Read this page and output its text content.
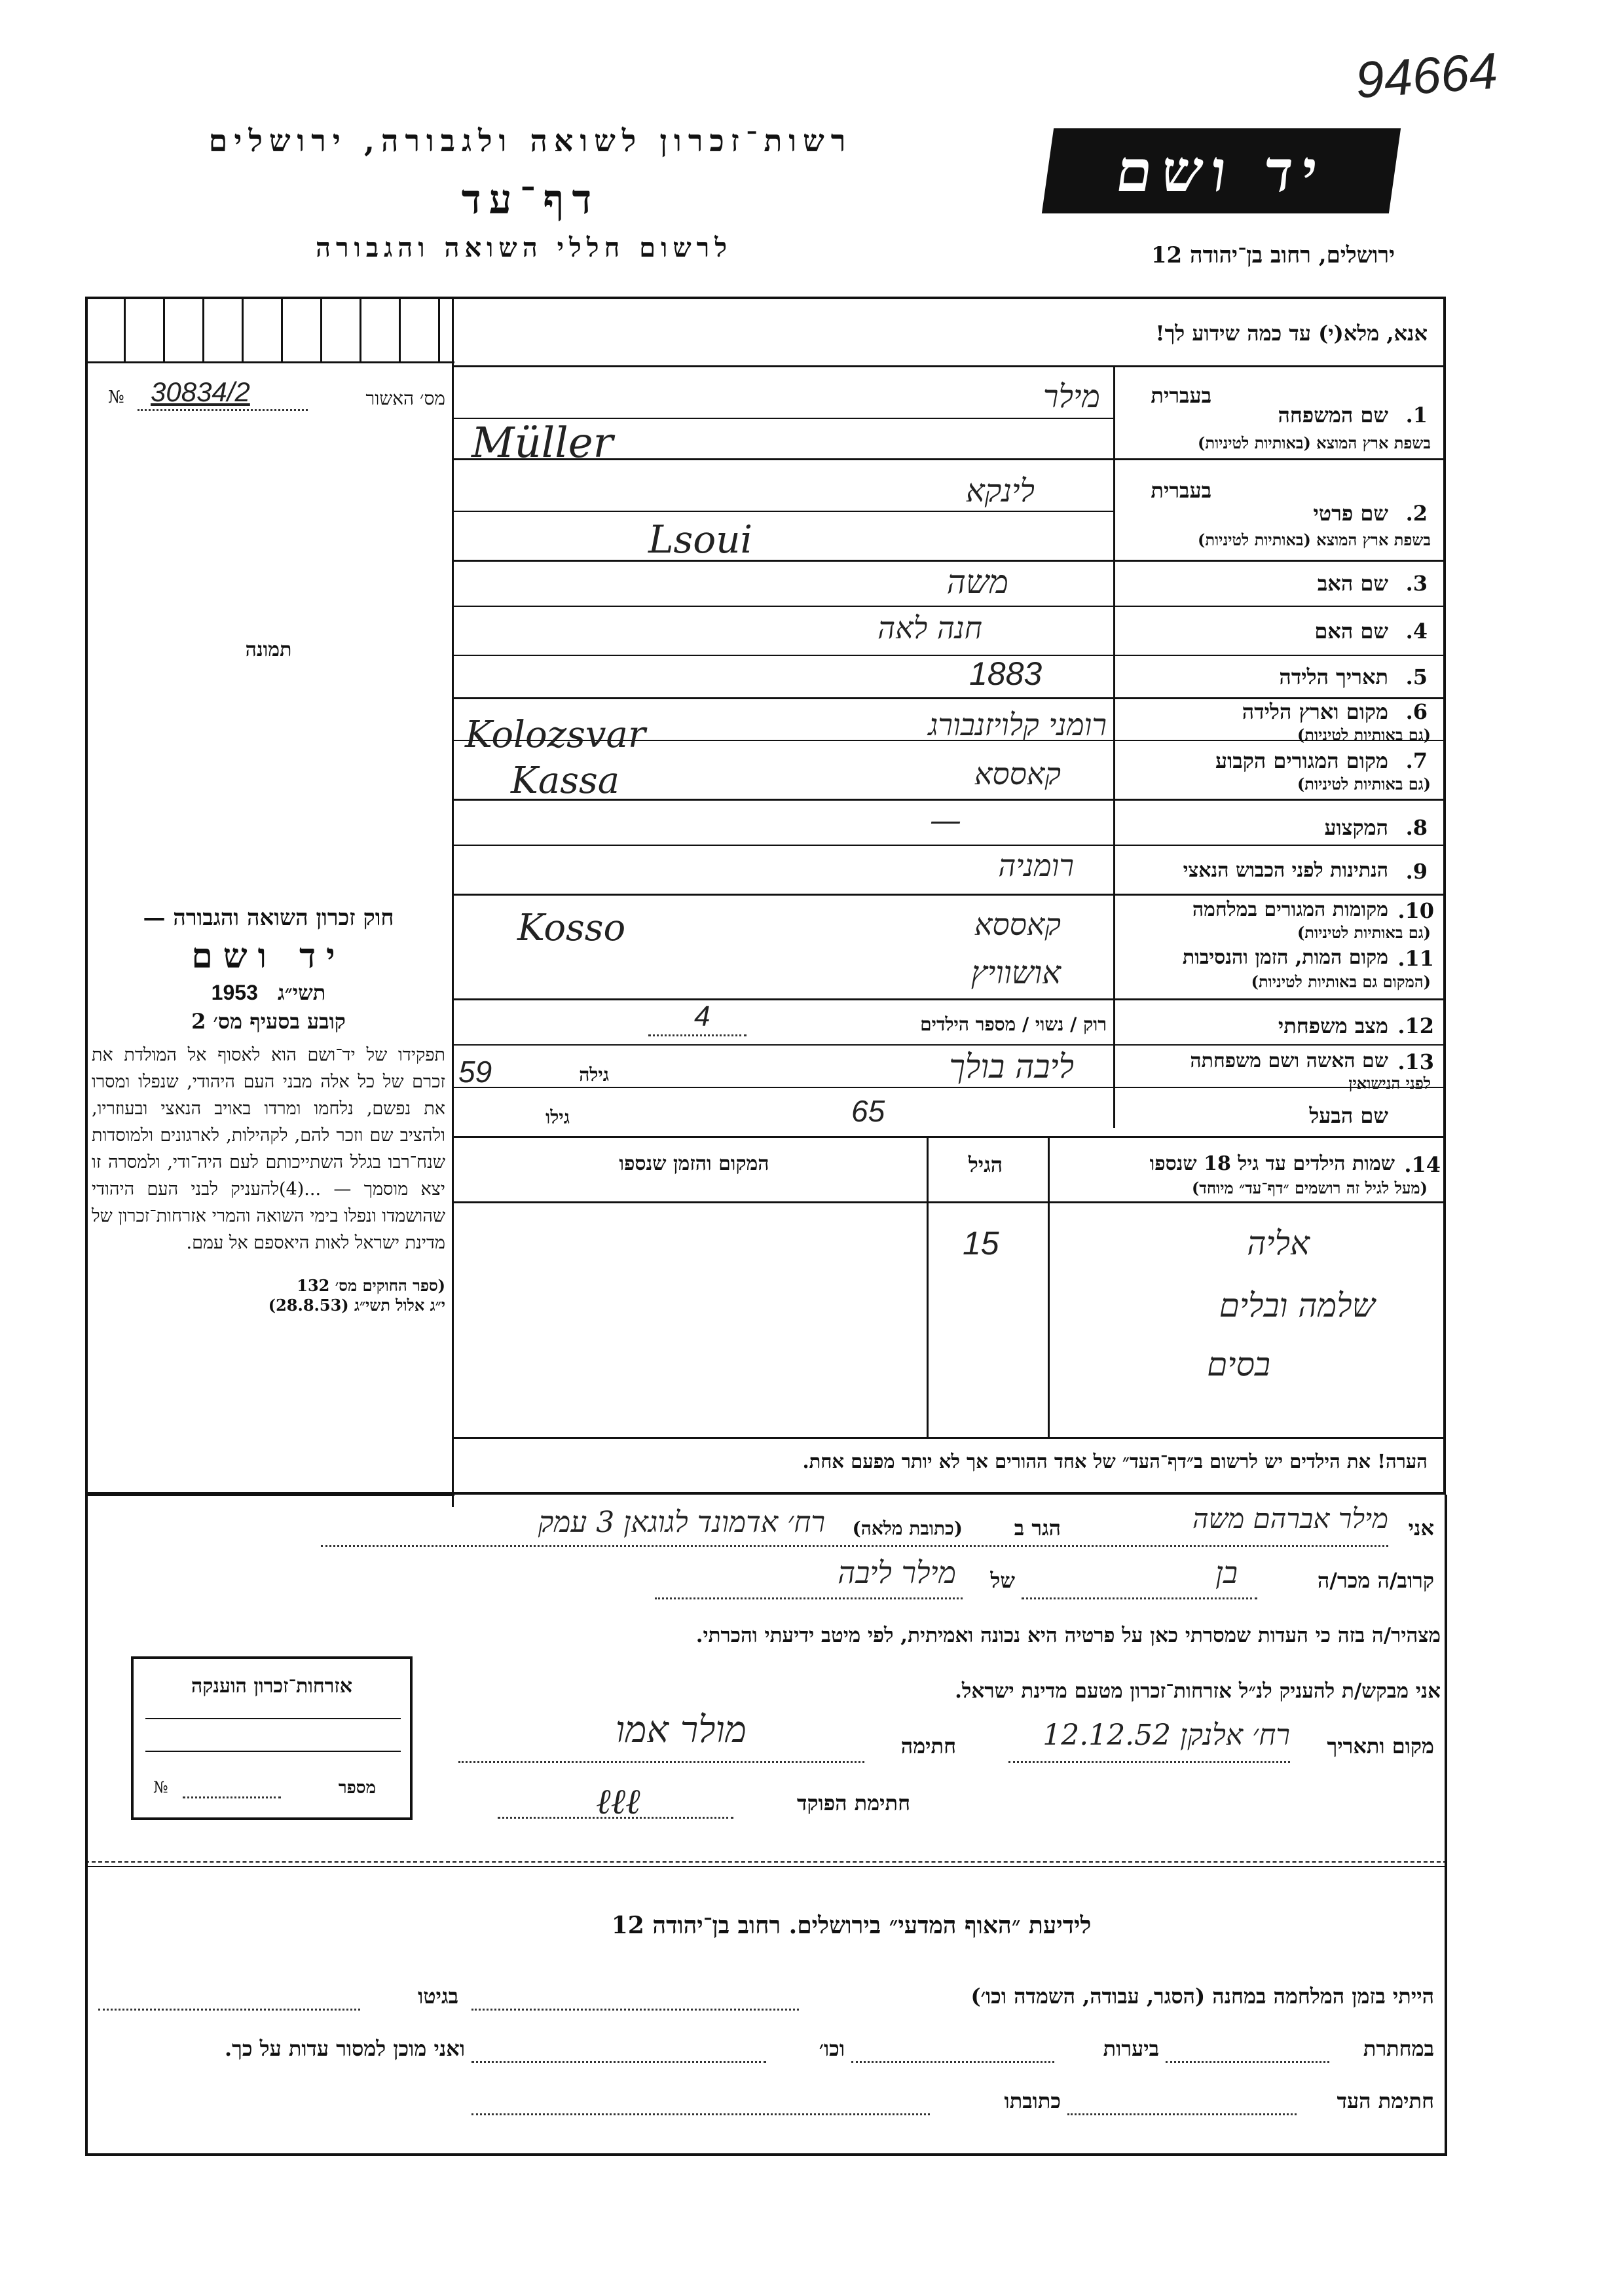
94664
רשות־זכרון לשואה ולגבורה, ירושלים
דף־עד
לרשום חללי השואה והגבורה
יד ושם
ירושלים, רחוב בן־יהודה 12
אנא, מלא(י) עד כמה שידוע לך!
מס׳ האשור
№ 30834/2
תמונה
חוק זכרון השואה והגבורה —
יד ושם
תשי״ג 1953
קובע בסעיף מס׳ 2
תפקידו של יד־ושם הוא לאסוף אל המולדת את זכרם של כל אלה מבני העם היהודי, שנפלו ומסרו את נפשם, נלחמו ומרדו באויב הנאצי ובעוזריו, ולהציב שם וזכר להם, לקהילות, לארגונים ולמוסדות שנח־רבו בגלל השתייכותם לעם היה־ודי, ולמסרה זו יצא מוסמך — ...(4)להעניק לבני העם היהודי שהושמדו ונפלו בימי השואה והמרי אזרחות־זכרון של מדינת ישראל לאות היאספם אל עמם.
(ספר החוקים מס׳ 132
י״ג אלול תשי״ג (28.8.53)
בעברית
1.
שם המשפחה
בשפת ארץ המוצא (באותיות לטיניות)
מילר
Müller
בעברית
2.
שם פרטי
בשפת ארץ המוצא (באותיות לטיניות)
לינקא
Lsoui
3.
שם האב
משה
4.
שם האם
חנה לאה
5.
תאריך הלידה
1883
6.
מקום וארץ הלידה
(גם באותיות לטיניות)
רומני קלויזנבורג
Kolozsvar
7.
מקום המגורים הקבוע
(גם באותיות לטיניות)
קאססא
Kassa
8.
המקצוע
—
9.
הנתינות לפני הכבוש הנאצי
רומניה
10.
מקומות המגורים במלחמה
(גם באותיות לטיניות)
קאססא
Kosso
11.
מקום המות, הזמן והנסיבות
(המקום גם באותיות לטיניות)
אושוויץ
12.
מצב משפחתי
רוק / נשוי / מספר הילדים
4
13.
שם האשה ושם משפחתה
לפני הנישואין
ליבה בולך
גילה
59
שם הבעל
גילו	65
14.
שמות הילדים עד גיל 18 שנספו
(מעל לגיל זה רושמים ״דף־עד״ מיוחד)
הגיל
המקום והזמן שנספו
אליה
15
שלמה ובלים
בסים
הערה! את הילדים יש לרשום ב״דף־העד״ של אחד ההורים אך לא יותר מפעם אחת.
אני
מילר אברהם משה
הגר ב
(כתובת מלאה)
רח׳ אדמונד לגוגאן 3 עמק
קרוב/ה מכר/ה
בן
של
מילר ליבה
מצהיר/ה בזה כי העדות שמסרתי כאן על פרטיה היא נכונה ואמיתית, לפי מיטב ידיעתי והכרתי.
אני מבקש/ת להעניק לנ״ל אזרחות־זכרון מטעם מדינת ישראל.
מקום ותאריך
רח׳ אלנקן 12.12.52
חתימה
מולר אמו
חתימת הפוקד
ℓℓℓ
אזרחות־זכרון הוענקה
מספר
№
לידיעת ״האוף המדעי״ בירושלים. רחוב בן־יהודה 12
הייתי בזמן המלחמה במחנה (הסגר, עבודה, השמדה וכו׳)
בגיטו
במחתרת
ביערות
וכו׳
ואני מוכן למסור עדות על כך.
חתימת העד
כתובתו
